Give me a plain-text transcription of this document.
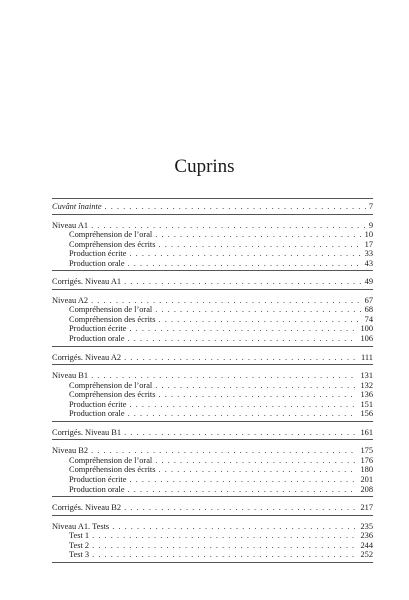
Cuprins
Cuvânt înainte . . .	7
Niveau A1 . . .	9
Compréhension de l’oral . . .	10
Compréhension des écrits . . .	17
Production écrite . . .	33
Production orale . . .	43
Corrigés. Niveau A1 . . .	49
Niveau A2 . . .	67
Compréhension de l’oral . . .	68
Compréhension des écrits . . .	74
Production écrite . . .	100
Production orale . . .	106
Corrigés. Niveau A2 . . .	111
Niveau B1 . . .	131
Compréhension de l’oral . . .	132
Compréhension des écrits . . .	136
Production écrite . . .	151
Production orale . . .	156
Corrigés. Niveau B1 . . .	161
Niveau B2 . . .	175
Compréhension de l’oral . . .	176
Compréhension des écrits . . .	180
Production écrite . . .	201
Production orale . . .	208
Corrigés. Niveau B2 . . .	217
Niveau A1. Tests . . .	235
Test 1 . . .	236
Test 2 . . .	244
Test 3 . . .	252
